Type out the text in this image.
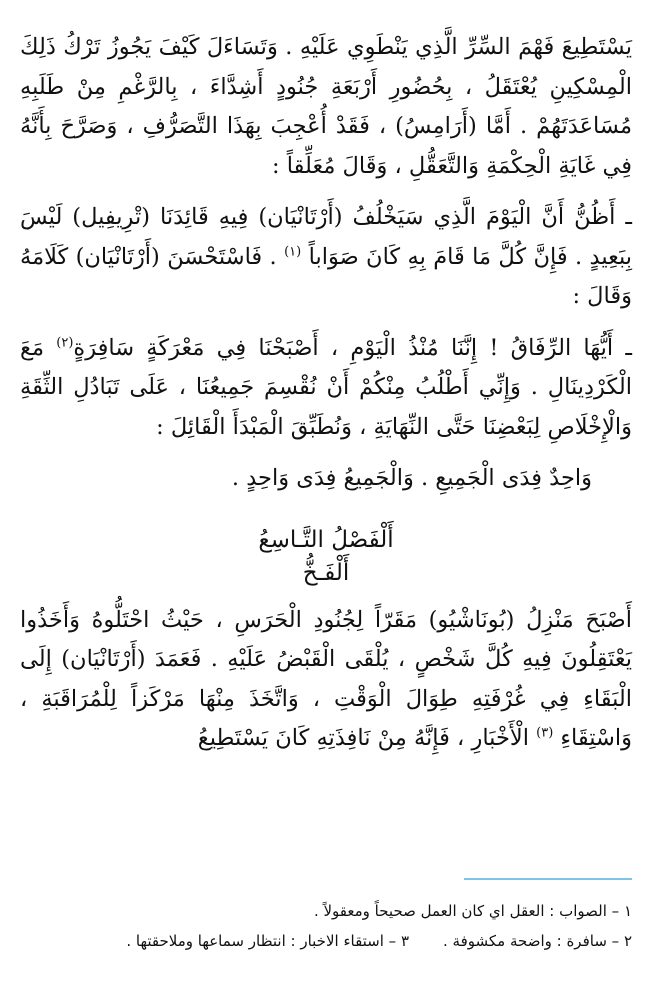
يَسْتَطِيعَ فَهْمَ السِّرِّ الَّذِي يَنْطَوِي عَلَيْهِ . وَتَسَاءَلَ كَيْفَ يَجُوزُ تَرْكُ ذَلِكَ الْمِسْكِينِ يُعْتَقَلُ ، بِحُضُورِ أَرْبَعَةِ جُنُودٍ أَشِدَّاءَ ، بِالرَّغْمِ مِنْ طَلَبِهِ مُسَاعَدَتَهُمْ . أَمَّا (أَرَامِسُ) ، فَقَدْ أُعْجِبَ بِهَذَا التَّصَرُّفِ ، وَصَرَّحَ بِأَنَّهُ فِي غَايَةِ الْحِكْمَةِ وَالتَّعَقُّلِ ، وَقَالَ مُعَلِّقاً :

ـ أَظُنُّ أَنَّ الْيَوْمَ الَّذِي سَيَخْلُفُ (أَرْتَانْيَان) فِيهِ قَائِدَنَا (تْرِيفِيل) لَيْسَ بِبَعِيدٍ . فَإِنَّ كُلَّ مَا قَامَ بِهِ كَانَ صَوَاباً $^{(١)}$ . فَاسْتَحْسَنَ (أَرْتَانْيَان) كَلَامَهُ وَقَالَ :

ـ أَيُّهَا الرِّفَاقُ ! إِنَّنَا مُنْذُ الْيَوْمِ ، أَصْبَحْنَا فِي مَعْرَكَةٍ سَافِرَةٍ$^{(٢)}$ مَعَ الْكَرْدِينَالِ . وَإِنِّي أَطْلُبُ مِنْكُمْ أَنْ نُقْسِمَ جَمِيعُنَا ، عَلَى تَبَادُلِ الثِّقَةِ وَالْإِخْلَاصِ لِبَعْضِنَا حَتَّى النِّهَايَةِ ، وَنُطَبِّقَ الْمَبْدَأَ الْقَائِلَ :

وَاحِدٌ فِدَى الْجَمِيعِ . وَالْجَمِيعُ فِدَى وَاحِدٍ .

أَلْفَصْلُ التَّـاسِعُ
أَلْفَـخُّ

أَصْبَحَ مَنْزِلُ (بُونَاشْيُو) مَقَرّاً لِجُنُودِ الْحَرَسِ ، حَيْثُ احْتَلُّوهُ وَأَخَذُوا يَعْتَقِلُونَ فِيهِ كُلَّ شَخْصٍ ، يُلْقَى الْقَبْضُ عَلَيْهِ . فَعَمَدَ (أَرْتَانْيَان) إِلَى الْبَقَاءِ فِي غُرْفَتِهِ طِوَالَ الْوَقْتِ ، وَاتَّخَذَ مِنْهَا مَرْكَزاً لِلْمُرَاقَبَةِ ، وَاسْتِقَاءِ $^{(٣)}$ الْأَخْبَارِ ، فَإِنَّهُ مِنْ نَافِذَتِهِ كَانَ يَسْتَطِيعُ

١ – الصواب : العقل اي كان العمل صحيحاً ومعقولاً .

٢ – سافرة : واضحة مكشوفة .٣ – استقاء الاخبار : انتظار سماعها وملاحقتها .
